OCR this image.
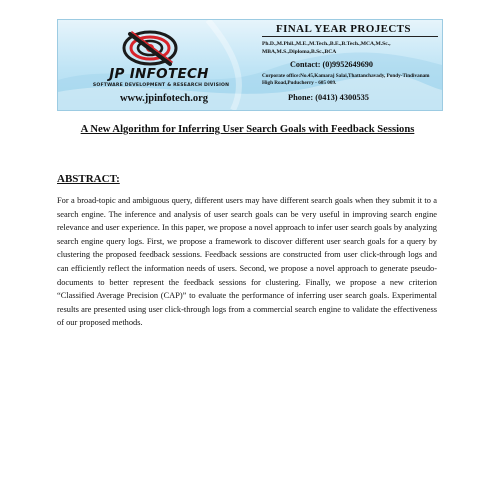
JP INFOTECH
SOFTWARE DEVELOPMENT & RESEARCH DIVISION
www.jpinfotech.org
FINAL YEAR PROJECTS
Ph.D.,M.Phil.,M.E.,M.Tech.,B.E.,B.Tech.,MCA,M.Sc., MBA,M.S.,Diploma,B.Sc.,BCA
Contact: (0)9952649690
Corporate office:No.45,Kamaraj Salai,Thattanchavady, Pondy-Tindivanam High Road,Puducherry - 605 009.
Phone: (0413) 4300535
A New Algorithm for Inferring User Search Goals with Feedback Sessions
ABSTRACT:
For a broad-topic and ambiguous query, different users may have different search goals when they submit it to a search engine. The inference and analysis of user search goals can be very useful in improving search engine relevance and user experience. In this paper, we propose a novel approach to infer user search goals by analyzing search engine query logs. First, we propose a framework to discover different user search goals for a query by clustering the proposed feedback sessions. Feedback sessions are constructed from user click-through logs and can efficiently reflect the information needs of users. Second, we propose a novel approach to generate pseudo-documents to better represent the feedback sessions for clustering. Finally, we propose a new criterion “Classified Average Precision (CAP)” to evaluate the performance of inferring user search goals. Experimental results are presented using user click-through logs from a commercial search engine to validate the effectiveness of our proposed methods.
